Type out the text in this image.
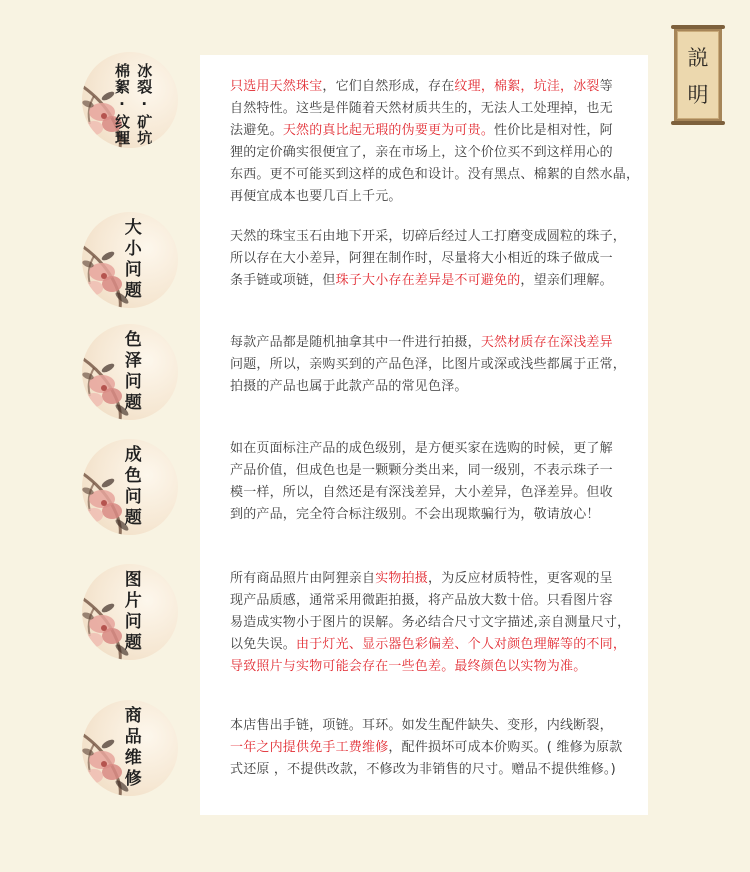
冰裂·矿坑
棉絮·纹理	只选用天然珠宝，它们自然形成，存在纹理，棉絮，坑洼，冰裂等
自然特性。这些是伴随着天然材质共生的，无法人工处理掉，也无
法避免。天然的真比起无瑕的伪要更为可贵。性价比是相对性，阿
狸的定价确实很便宜了，亲在市场上，这个价位买不到这样用心的
东西。更不可能买到这样的成色和设计。没有黑点、棉絮的自然水晶，
再便宜成本也要几百上千元。
大小问题	天然的珠宝玉石由地下开采，切碎后经过人工打磨变成圆粒的珠子，
所以存在大小差异，阿狸在制作时，尽量将大小相近的珠子做成一
条手链或项链，但珠子大小存在差异是不可避免的，望亲们理解。
色泽问题	每款产品都是随机抽拿其中一件进行拍摄，天然材质存在深浅差异
问题，所以，亲购买到的产品色泽，比图片或深或浅些都属于正常，
拍摄的产品也属于此款产品的常见色泽。
成色问题	如在页面标注产品的成色级别，是方便买家在选购的时候，更了解
产品价值，但成色也是一颗颗分类出来，同一级别，不表示珠子一
模一样，所以，自然还是有深浅差异，大小差异，色泽差异。但收
到的产品，完全符合标注级别。不会出现欺骗行为，敬请放心！
图片问题	所有商品照片由阿狸亲自实物拍摄，为反应材质特性，更客观的呈
现产品质感，通常采用微距拍摄，将产品放大数十倍。只看图片容
易造成实物小于图片的误解。务必结合尺寸文字描述,亲自测量尺寸，
以免失误。由于灯光、显示器色彩偏差、个人对颜色理解等的不同，
导致照片与实物可能会存在一些色差。最终颜色以实物为准。
商品维修	本店售出手链，项链。耳环。如发生配件缺失、变形，内线断裂，
一年之内提供免手工费维修，配件损坏可成本价购买。( 维修为原款
式还原 ，不提供改款，不修改为非销售的尺寸。赠品不提供维修。)
説
明
